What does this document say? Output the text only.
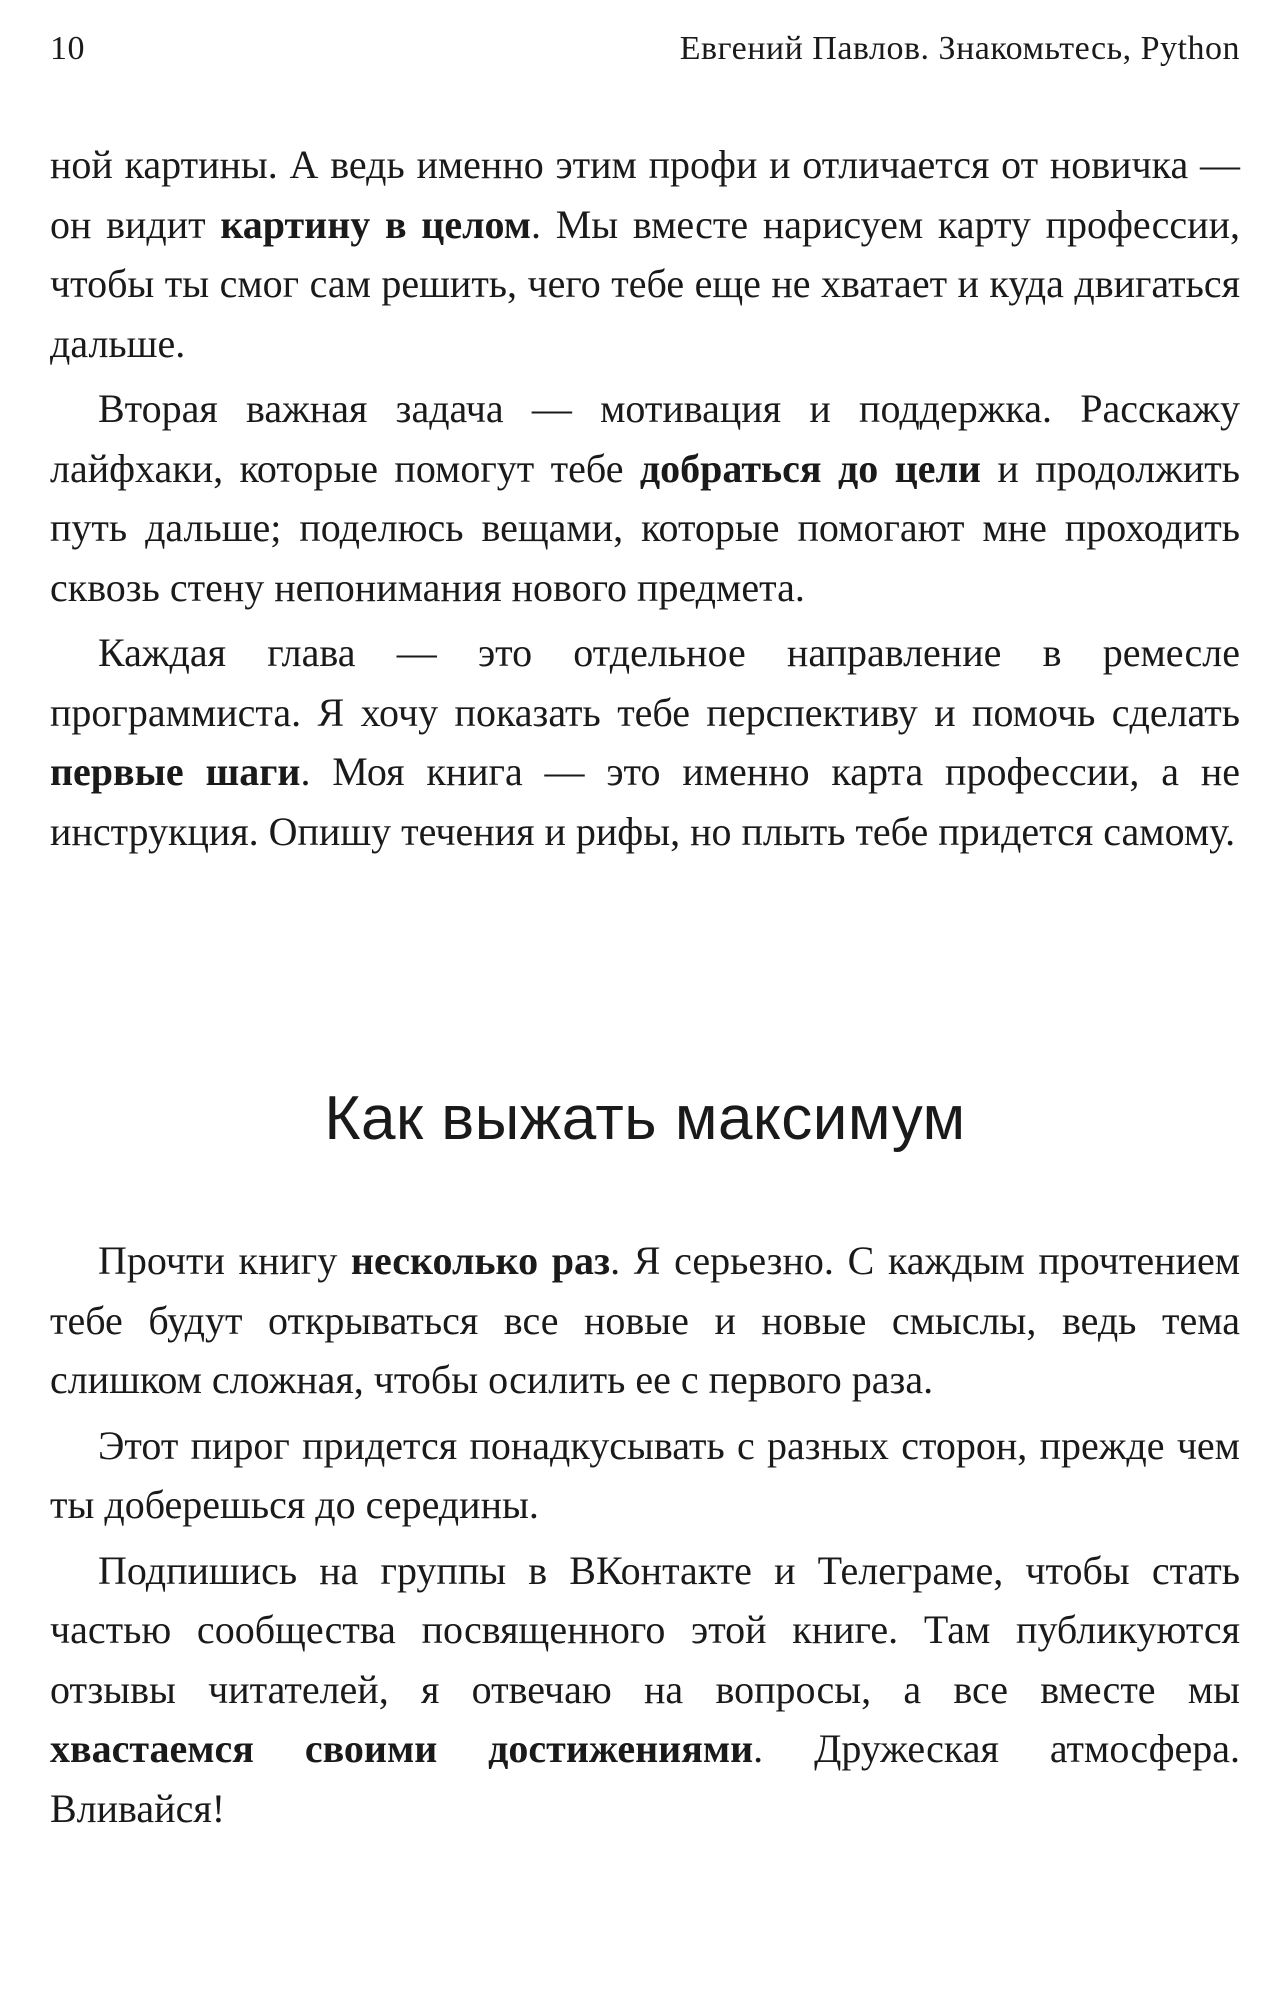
10	Евгений Павлов. Знакомьтесь, Python

ной картины. А ведь именно этим профи и отличается от новичка — он видит картину в целом. Мы вместе нарисуем карту профессии, чтобы ты смог сам решить, чего тебе еще не хватает и куда двигаться дальше.

Вторая важная задача — мотивация и поддержка. Расскажу лайфхаки, которые помогут тебе добраться до цели и продолжить путь дальше; поделюсь вещами, которые помогают мне проходить сквозь стену непонимания нового предмета.

Каждая глава — это отдельное направление в ремесле программиста. Я хочу показать тебе перспективу и помочь сделать первые шаги. Моя книга — это именно карта профессии, а не инструкция. Опишу течения и рифы, но плыть тебе придется самому.

Как выжать максимум

Прочти книгу несколько раз. Я серьезно. С каждым прочтением тебе будут открываться все новые и новые смыслы, ведь тема слишком сложная, чтобы осилить ее с первого раза.

Этот пирог придется понадкусывать с разных сторон, прежде чем ты доберешься до середины.

Подпишись на группы в ВКонтакте и Телеграме, чтобы стать частью сообщества посвященного этой книге. Там публикуются отзывы читателей, я отвечаю на вопросы, а все вместе мы хвастаемся своими достижениями. Дружеская атмосфера. Вливайся!
